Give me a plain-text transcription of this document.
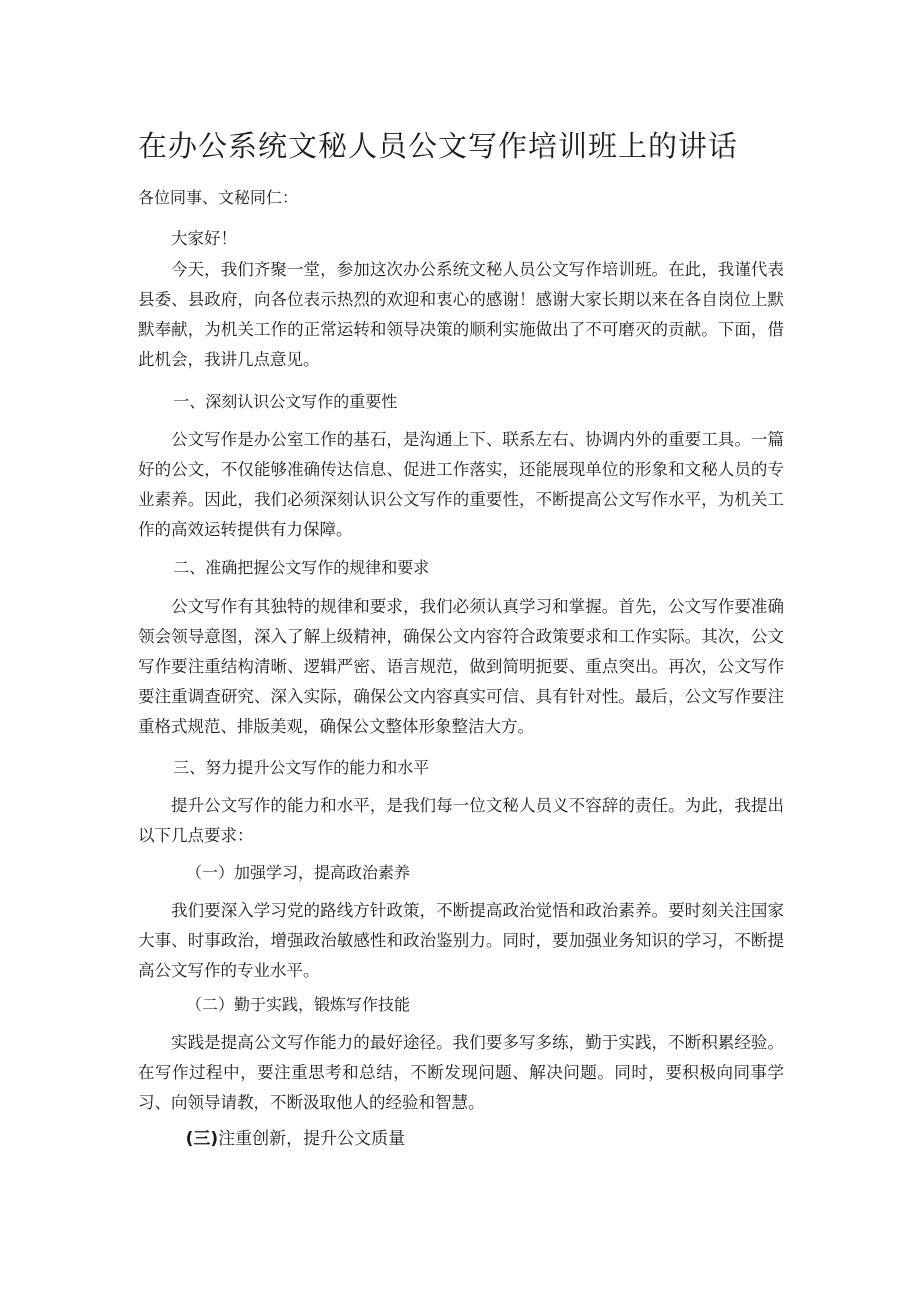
在办公系统文秘人员公文写作培训班上的讲话
各位同事、文秘同仁：

大家好！

今天，我们齐聚一堂，参加这次办公系统文秘人员公文写作培训班。在此，我谨代表县委、县政府，向各位表示热烈的欢迎和衷心的感谢！感谢大家长期以来在各自岗位上默默奉献，为机关工作的正常运转和领导决策的顺利实施做出了不可磨灭的贡献。下面，借此机会，我讲几点意见。

一、深刻认识公文写作的重要性

公文写作是办公室工作的基石，是沟通上下、联系左右、协调内外的重要工具。一篇好的公文，不仅能够准确传达信息、促进工作落实，还能展现单位的形象和文秘人员的专业素养。因此，我们必须深刻认识公文写作的重要性，不断提高公文写作水平，为机关工作的高效运转提供有力保障。

二、准确把握公文写作的规律和要求

公文写作有其独特的规律和要求，我们必须认真学习和掌握。首先，公文写作要准确领会领导意图，深入了解上级精神，确保公文内容符合政策要求和工作实际。其次，公文写作要注重结构清晰、逻辑严密、语言规范，做到简明扼要、重点突出。再次，公文写作要注重调查研究、深入实际，确保公文内容真实可信、具有针对性。最后，公文写作要注重格式规范、排版美观，确保公文整体形象整洁大方。

三、努力提升公文写作的能力和水平

提升公文写作的能力和水平，是我们每一位文秘人员义不容辞的责任。为此，我提出以下几点要求：

（一）加强学习，提高政治素养

我们要深入学习党的路线方针政策，不断提高政治觉悟和政治素养。要时刻关注国家大事、时事政治，增强政治敏感性和政治鉴别力。同时，要加强业务知识的学习，不断提高公文写作的专业水平。

（二）勤于实践，锻炼写作技能

实践是提高公文写作能力的最好途径。我们要多写多练，勤于实践，不断积累经验。在写作过程中，要注重思考和总结，不断发现问题、解决问题。同时，要积极向同事学习、向领导请教，不断汲取他人的经验和智慧。

(三)注重创新，提升公文质量
